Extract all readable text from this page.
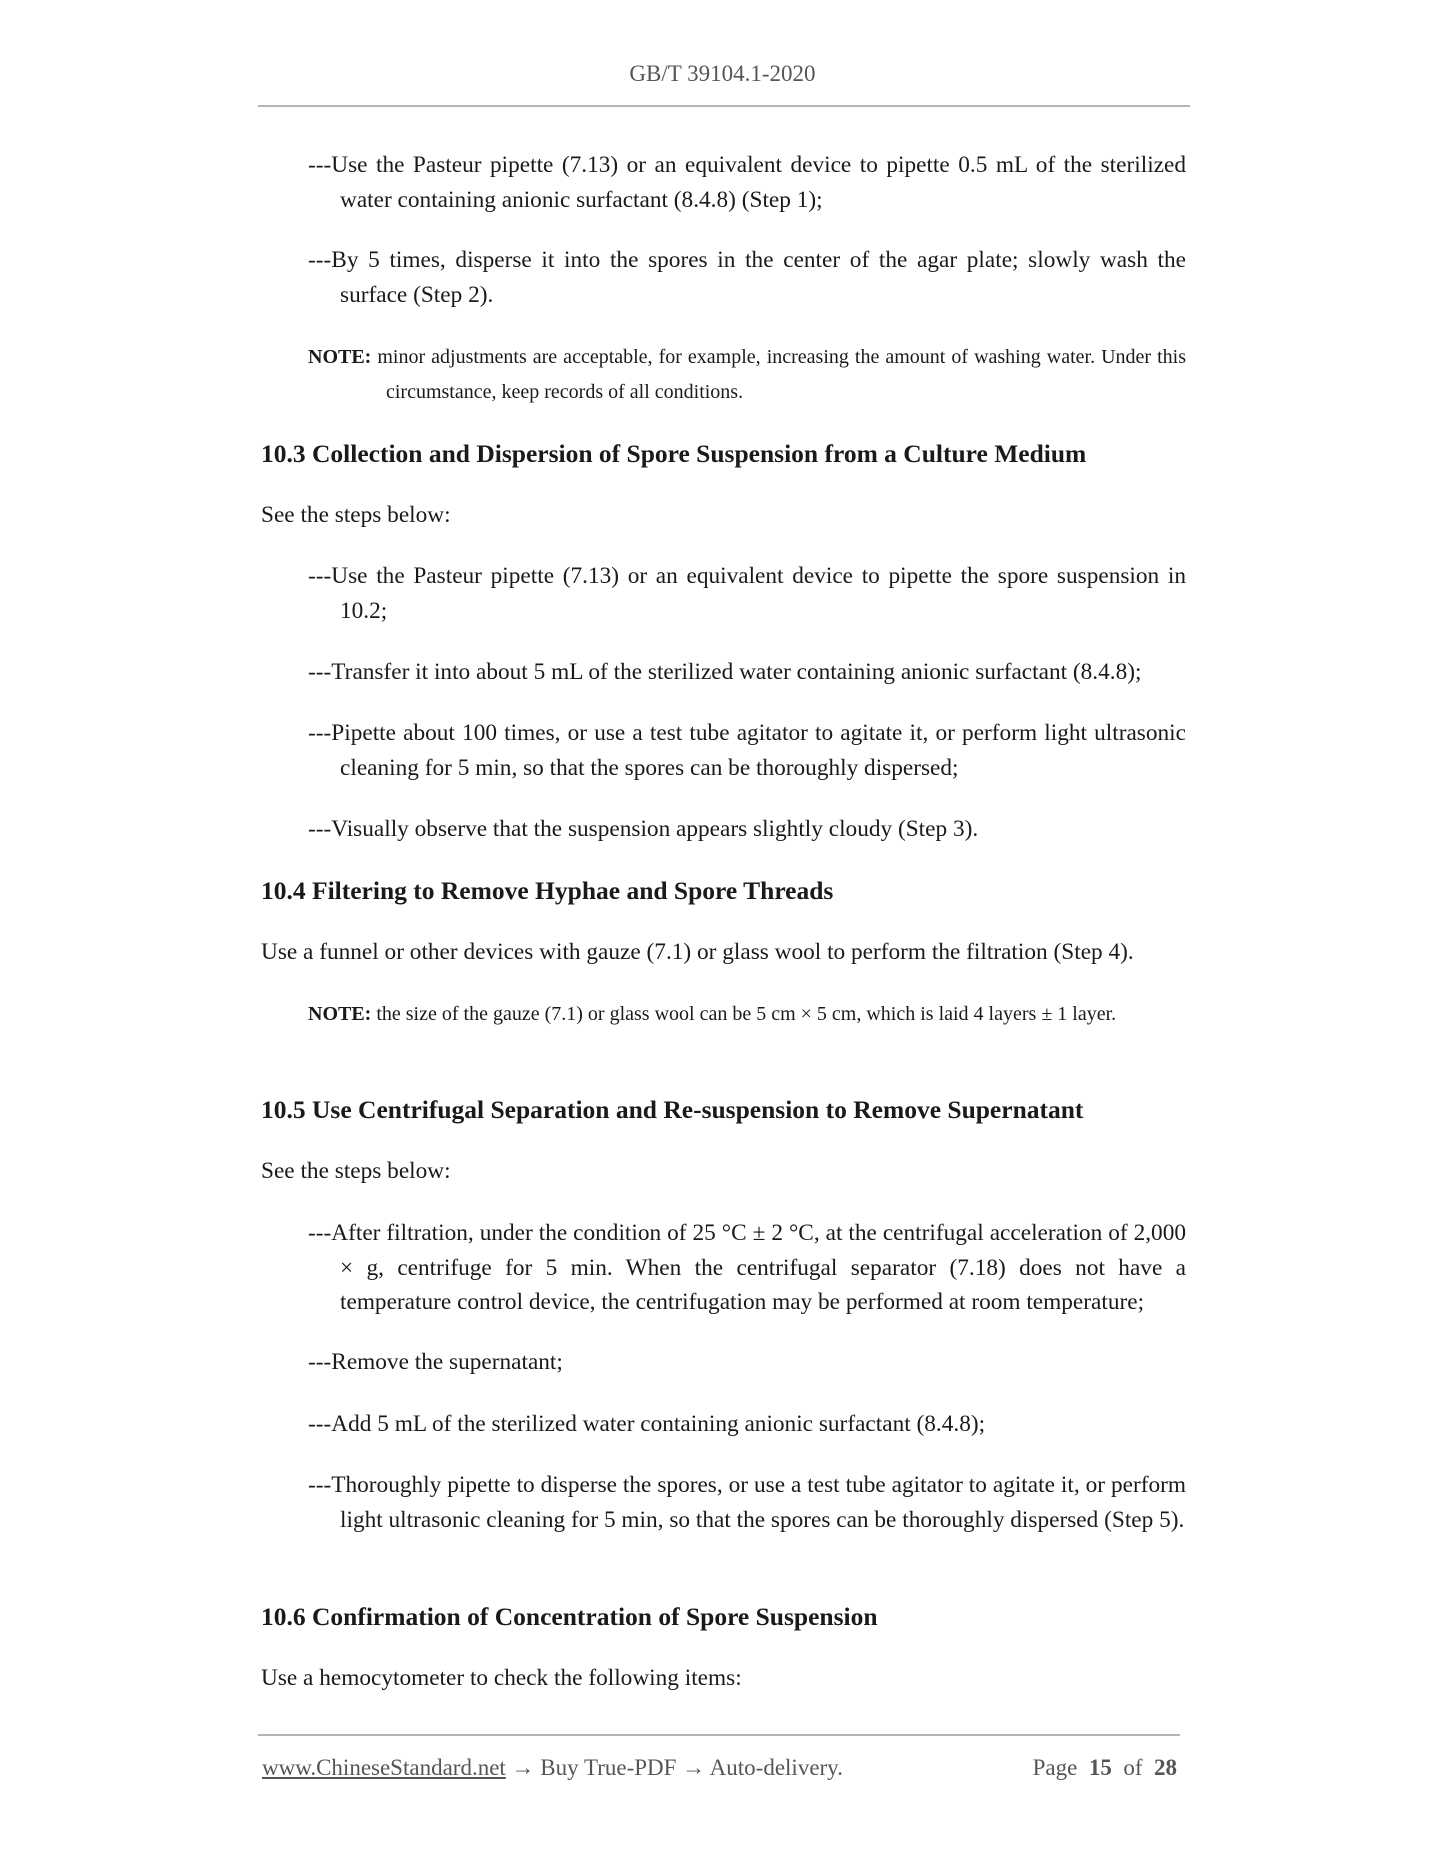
GB/T 39104.1-2020
---Use the Pasteur pipette (7.13) or an equivalent device to pipette 0.5 mL of the sterilized water containing anionic surfactant (8.4.8) (Step 1);
---By 5 times, disperse it into the spores in the center of the agar plate; slowly wash the surface (Step 2).
NOTE: minor adjustments are acceptable, for example, increasing the amount of washing water. Under this circumstance, keep records of all conditions.
10.3 Collection and Dispersion of Spore Suspension from a Culture Medium
See the steps below:
---Use the Pasteur pipette (7.13) or an equivalent device to pipette the spore suspension in 10.2;
---Transfer it into about 5 mL of the sterilized water containing anionic surfactant (8.4.8);
---Pipette about 100 times, or use a test tube agitator to agitate it, or perform light ultrasonic cleaning for 5 min, so that the spores can be thoroughly dispersed;
---Visually observe that the suspension appears slightly cloudy (Step 3).
10.4 Filtering to Remove Hyphae and Spore Threads
Use a funnel or other devices with gauze (7.1) or glass wool to perform the filtration (Step 4).
NOTE: the size of the gauze (7.1) or glass wool can be 5 cm × 5 cm, which is laid 4 layers ± 1 layer.
10.5 Use Centrifugal Separation and Re-suspension to Remove Supernatant
See the steps below:
---After filtration, under the condition of 25 °C ± 2 °C, at the centrifugal acceleration of 2,000 × g, centrifuge for 5 min. When the centrifugal separator (7.18) does not have a temperature control device, the centrifugation may be performed at room temperature;
---Remove the supernatant;
---Add 5 mL of the sterilized water containing anionic surfactant (8.4.8);
---Thoroughly pipette to disperse the spores, or use a test tube agitator to agitate it, or perform light ultrasonic cleaning for 5 min, so that the spores can be thoroughly dispersed (Step 5).
10.6 Confirmation of Concentration of Spore Suspension
Use a hemocytometer to check the following items:
www.ChineseStandard.net → Buy True-PDF → Auto-delivery.	Page 15 of 28
